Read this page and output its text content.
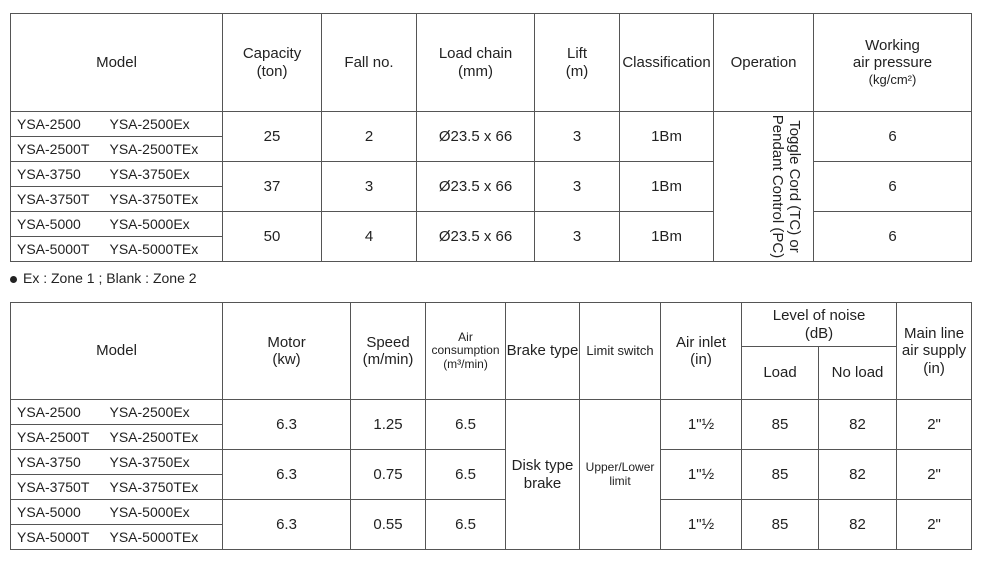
Model		Capacity
(ton)	Fall no.	Load chain
(mm)	Lift
(m)	Classification	Operation	Working
air pressure
(kg/cm²)
YSA-2500	YSA-2500Ex	25	2	Ø23.5 x 66	3	1Bm	Toggle Cord (TC) or
Pendant Control (PC)	6
YSA-2500T	YSA-2500TEx							
YSA-3750	YSA-3750Ex	37	3	Ø23.5 x 66	3	1Bm		6
YSA-3750T	YSA-3750TEx							
YSA-5000	YSA-5000Ex	50	4	Ø23.5 x 66	3	1Bm		6
YSA-5000T	YSA-5000TEx							
Ex : Zone 1 ; Blank : Zone 2
Model		Motor
(kw)	Speed
(m/min)	Air
consumption
(m³/min)	Brake type	Limit switch	Air inlet
(in)	Level of noise
(dB)		Main line
air supply
(in)
								Load	No load	
YSA-2500	YSA-2500Ex	6.3	1.25	6.5	Disk type
brake	Upper/Lower
limit	1"½	85	82	2"
YSA-2500T	YSA-2500TEx									
YSA-3750	YSA-3750Ex	6.3	0.75	6.5			1"½	85	82	2"
YSA-3750T	YSA-3750TEx									
YSA-5000	YSA-5000Ex	6.3	0.55	6.5			1"½	85	82	2"
YSA-5000T	YSA-5000TEx									
